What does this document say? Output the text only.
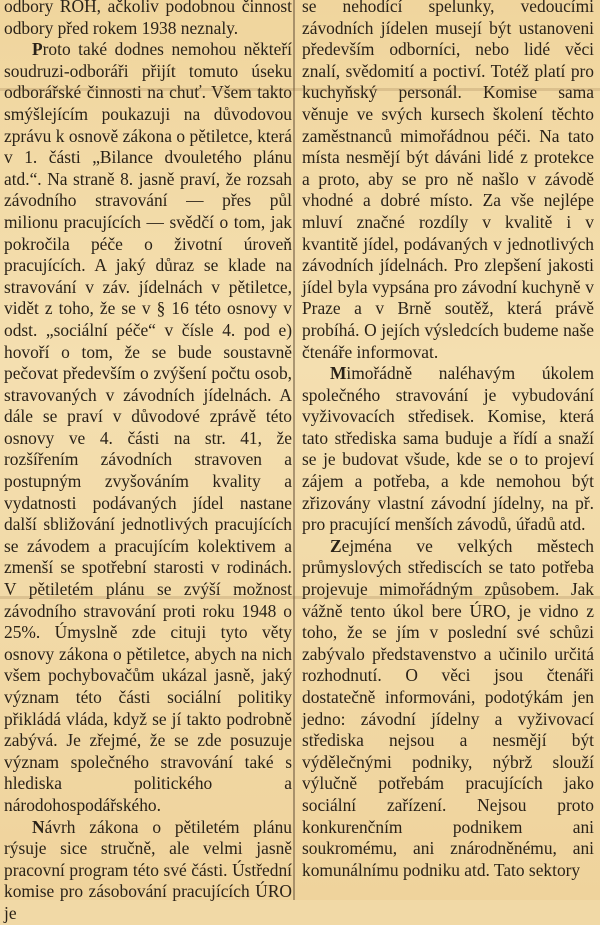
odbory ROH, ačkoliv podobnou činnost odbory před rokem 1938 neznaly.

Proto také dodnes nemohou někteří soudruzi-odboráři přijít tomuto úseku odborářské činnosti na chuť. Všem takto smýšlejícím poukazuji na důvodovou zprávu k osnově zákona o pětiletce, která v 1. části „Bilance dvouletého plánu atd.“. Na straně 8. jasně praví, že rozsah závodního stravování — přes půl milionu pracujících — svědčí o tom, jak pokročila péče o životní úroveň pracujících. A jaký důraz se klade na stravování v záv. jídelnách v pětiletce, vidět z toho, že se v § 16 této osnovy v odst. „sociální péče“ v čísle 4. pod e) hovoří o tom, že se bude soustavně pečovat především o zvýšení počtu osob, stravovaných v závodních jídelnách. A dále se praví v důvodové zprávě této osnovy ve 4. části na str. 41, že rozšířením závodních stravoven a postupným zvyšováním kvality a vydatnosti podávaných jídel nastane další sbližování jednotlivých pracujících se závodem a pracujícím kolektivem a zmenší se spotřební starosti v rodinách. V pětiletém plánu se zvýší možnost závodního stravování proti roku 1948 o 25%. Úmyslně zde cituji tyto věty osnovy zákona o pětiletce, abych na nich všem pochybovačům ukázal jasně, jaký význam této části sociální politiky přikládá vláda, když se jí takto podrobně zabývá. Je zřejmé, že se zde posuzuje význam společného stravování také s hlediska politického a národohospodářského.

Návrh zákona o pětiletém plánu rýsuje sice stručně, ale velmi jasně pracovní program této své části. Ústřední komise pro zásobování pracujících ÚRO je

se nehodící spelunky, vedoucími závodních jídelen musejí být ustanoveni především odborníci, nebo lidé věci znalí, svědomití a poctiví. Totéž platí pro kuchyňský personál. Komise sama věnuje ve svých kursech školení těchto zaměstnanců mimořádnou péči. Na tato místa nesmějí být dáváni lidé z protekce a proto, aby se pro ně našlo v závodě vhodné a dobré místo. Za vše nejlépe mluví značné rozdíly v kvalitě i v kvantitě jídel, podávaných v jednotlivých závodních jídelnách. Pro zlepšení jakosti jídel byla vypsána pro závodní kuchyně v Praze a v Brně soutěž, která právě probíhá. O jejích výsledcích budeme naše čtenáře informovat.

Mimořádně naléhavým úkolem společného stravování je vybudování vyživovacích středisek. Komise, která tato střediska sama buduje a řídí a snaží se je budovat všude, kde se o to projeví zájem a potřeba, a kde nemohou být zřizovány vlastní závodní jídelny, na př. pro pracující menších závodů, úřadů atd.

Zejména ve velkých městech průmyslových střediscích se tato potřeba projevuje mimořádným způsobem. Jak vážně tento úkol bere ÚRO, je vidno z toho, že se jím v poslední své schůzi zabývalo představenstvo a učinilo určitá rozhodnutí. O věci jsou čtenáři dostatečně informováni, podotýkám jen jedno: závodní jídelny a vyživovací střediska nejsou a nesmějí být výdělečnými podniky, nýbrž slouží výlučně potřebám pracujících jako sociální zařízení. Nejsou proto konkurenčním podnikem ani soukromému, ani znárodněnému, ani komunálnímu podniku atd. Tato sektory
